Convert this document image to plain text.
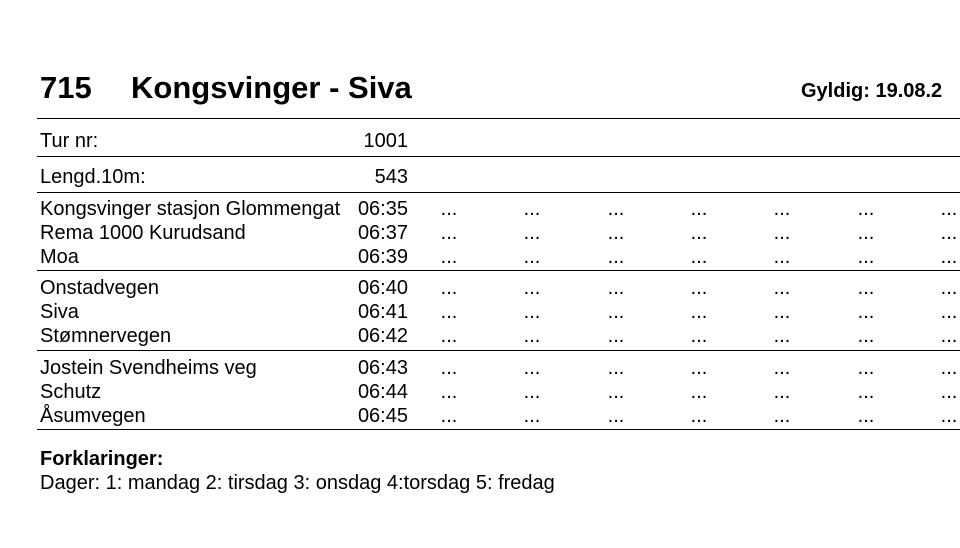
715 Kongsvinger - Siva	Gyldig: 19.08.2
Tur nr:	1001
Lengd.10m:	543
Kongsvinger stasjon Glommengat 06:35	...	...	...	...	...	...	...
Rema 1000 Kurudsand	06:37	...	...	...	...	...	...	...
Moa	06:39	...	...	...	...	...	...	...
Onstadvegen	06:40	...	...	...	...	...	...	...
Siva	06:41	...	...	...	...	...	...	...
Stømnervegen	06:42	...	...	...	...	...	...	...
Jostein Svendheims veg	06:43	...	...	...	...	...	...	...
Schutz	06:44	...	...	...	...	...	...	...
Åsumvegen	06:45	...	...	...	...	...	...	...
Forklaringer:
Dager: 1: mandag 2: tirsdag 3: onsdag 4:torsdag 5: fredag
